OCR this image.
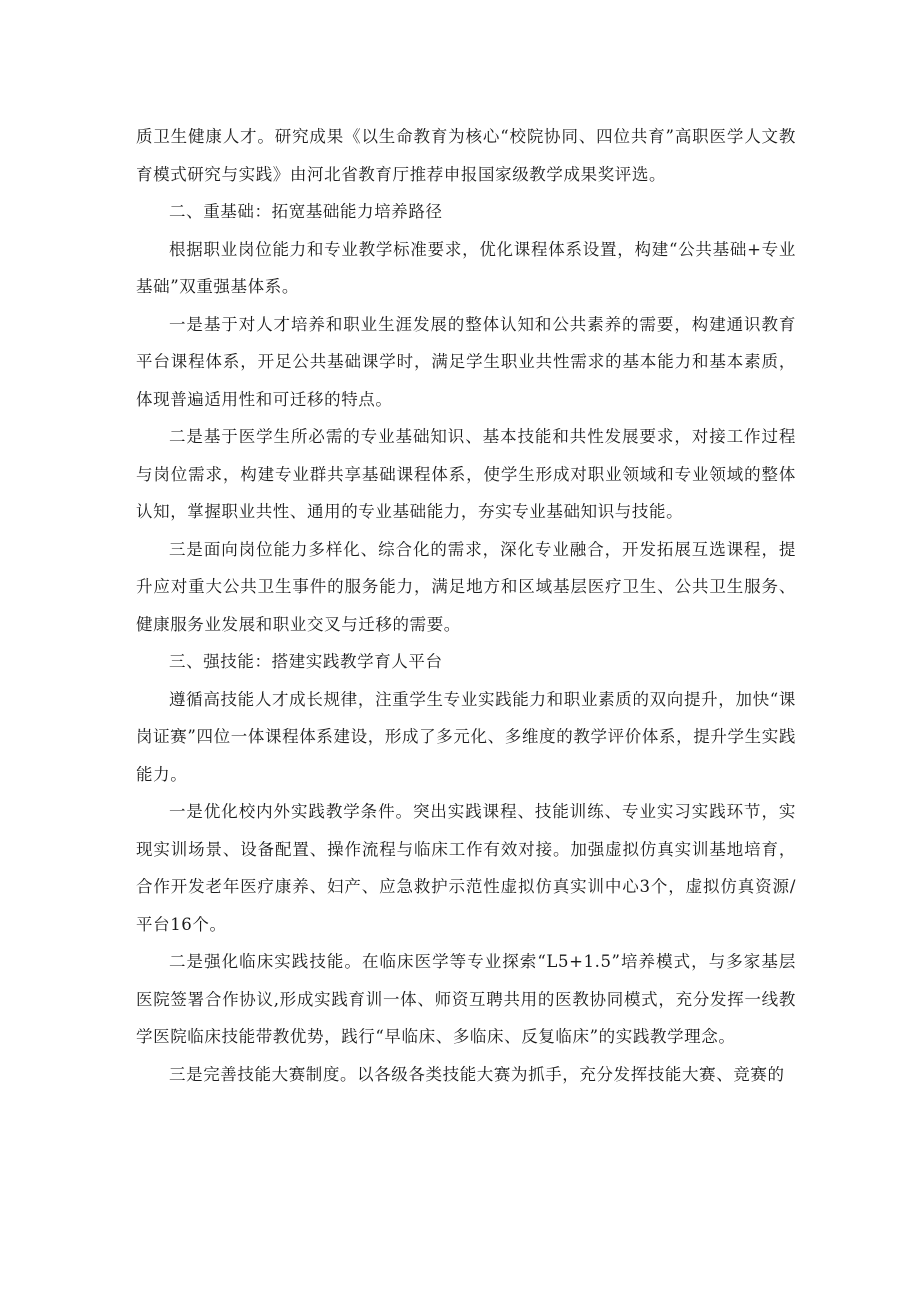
质卫生健康人才。研究成果《以生命教育为核心“校院协同、四位共育”高职医学人文教育模式研究与实践》由河北省教育厅推荐申报国家级教学成果奖评选。

二、重基础：拓宽基础能力培养路径

根据职业岗位能力和专业教学标准要求，优化课程体系设置，构建“公共基础+专业基础”双重强基体系。

一是基于对人才培养和职业生涯发展的整体认知和公共素养的需要，构建通识教育平台课程体系，开足公共基础课学时，满足学生职业共性需求的基本能力和基本素质，体现普遍适用性和可迁移的特点。

二是基于医学生所必需的专业基础知识、基本技能和共性发展要求，对接工作过程与岗位需求，构建专业群共享基础课程体系，使学生形成对职业领域和专业领域的整体认知，掌握职业共性、通用的专业基础能力，夯实专业基础知识与技能。

三是面向岗位能力多样化、综合化的需求，深化专业融合，开发拓展互选课程，提升应对重大公共卫生事件的服务能力，满足地方和区域基层医疗卫生、公共卫生服务、健康服务业发展和职业交叉与迁移的需要。

三、强技能：搭建实践教学育人平台

遵循高技能人才成长规律，注重学生专业实践能力和职业素质的双向提升，加快“课岗证赛”四位一体课程体系建设，形成了多元化、多维度的教学评价体系，提升学生实践能力。

一是优化校内外实践教学条件。突出实践课程、技能训练、专业实习实践环节，实现实训场景、设备配置、操作流程与临床工作有效对接。加强虚拟仿真实训基地培育，合作开发老年医疗康养、妇产、应急救护示范性虚拟仿真实训中心3个，虚拟仿真资源/平台16个。

二是强化临床实践技能。在临床医学等专业探索“L5+1.5”培养模式，与多家基层医院签署合作协议,形成实践育训一体、师资互聘共用的医教协同模式，充分发挥一线教学医院临床技能带教优势，践行“早临床、多临床、反复临床”的实践教学理念。

三是完善技能大赛制度。以各级各类技能大赛为抓手，充分发挥技能大赛、竞赛的
